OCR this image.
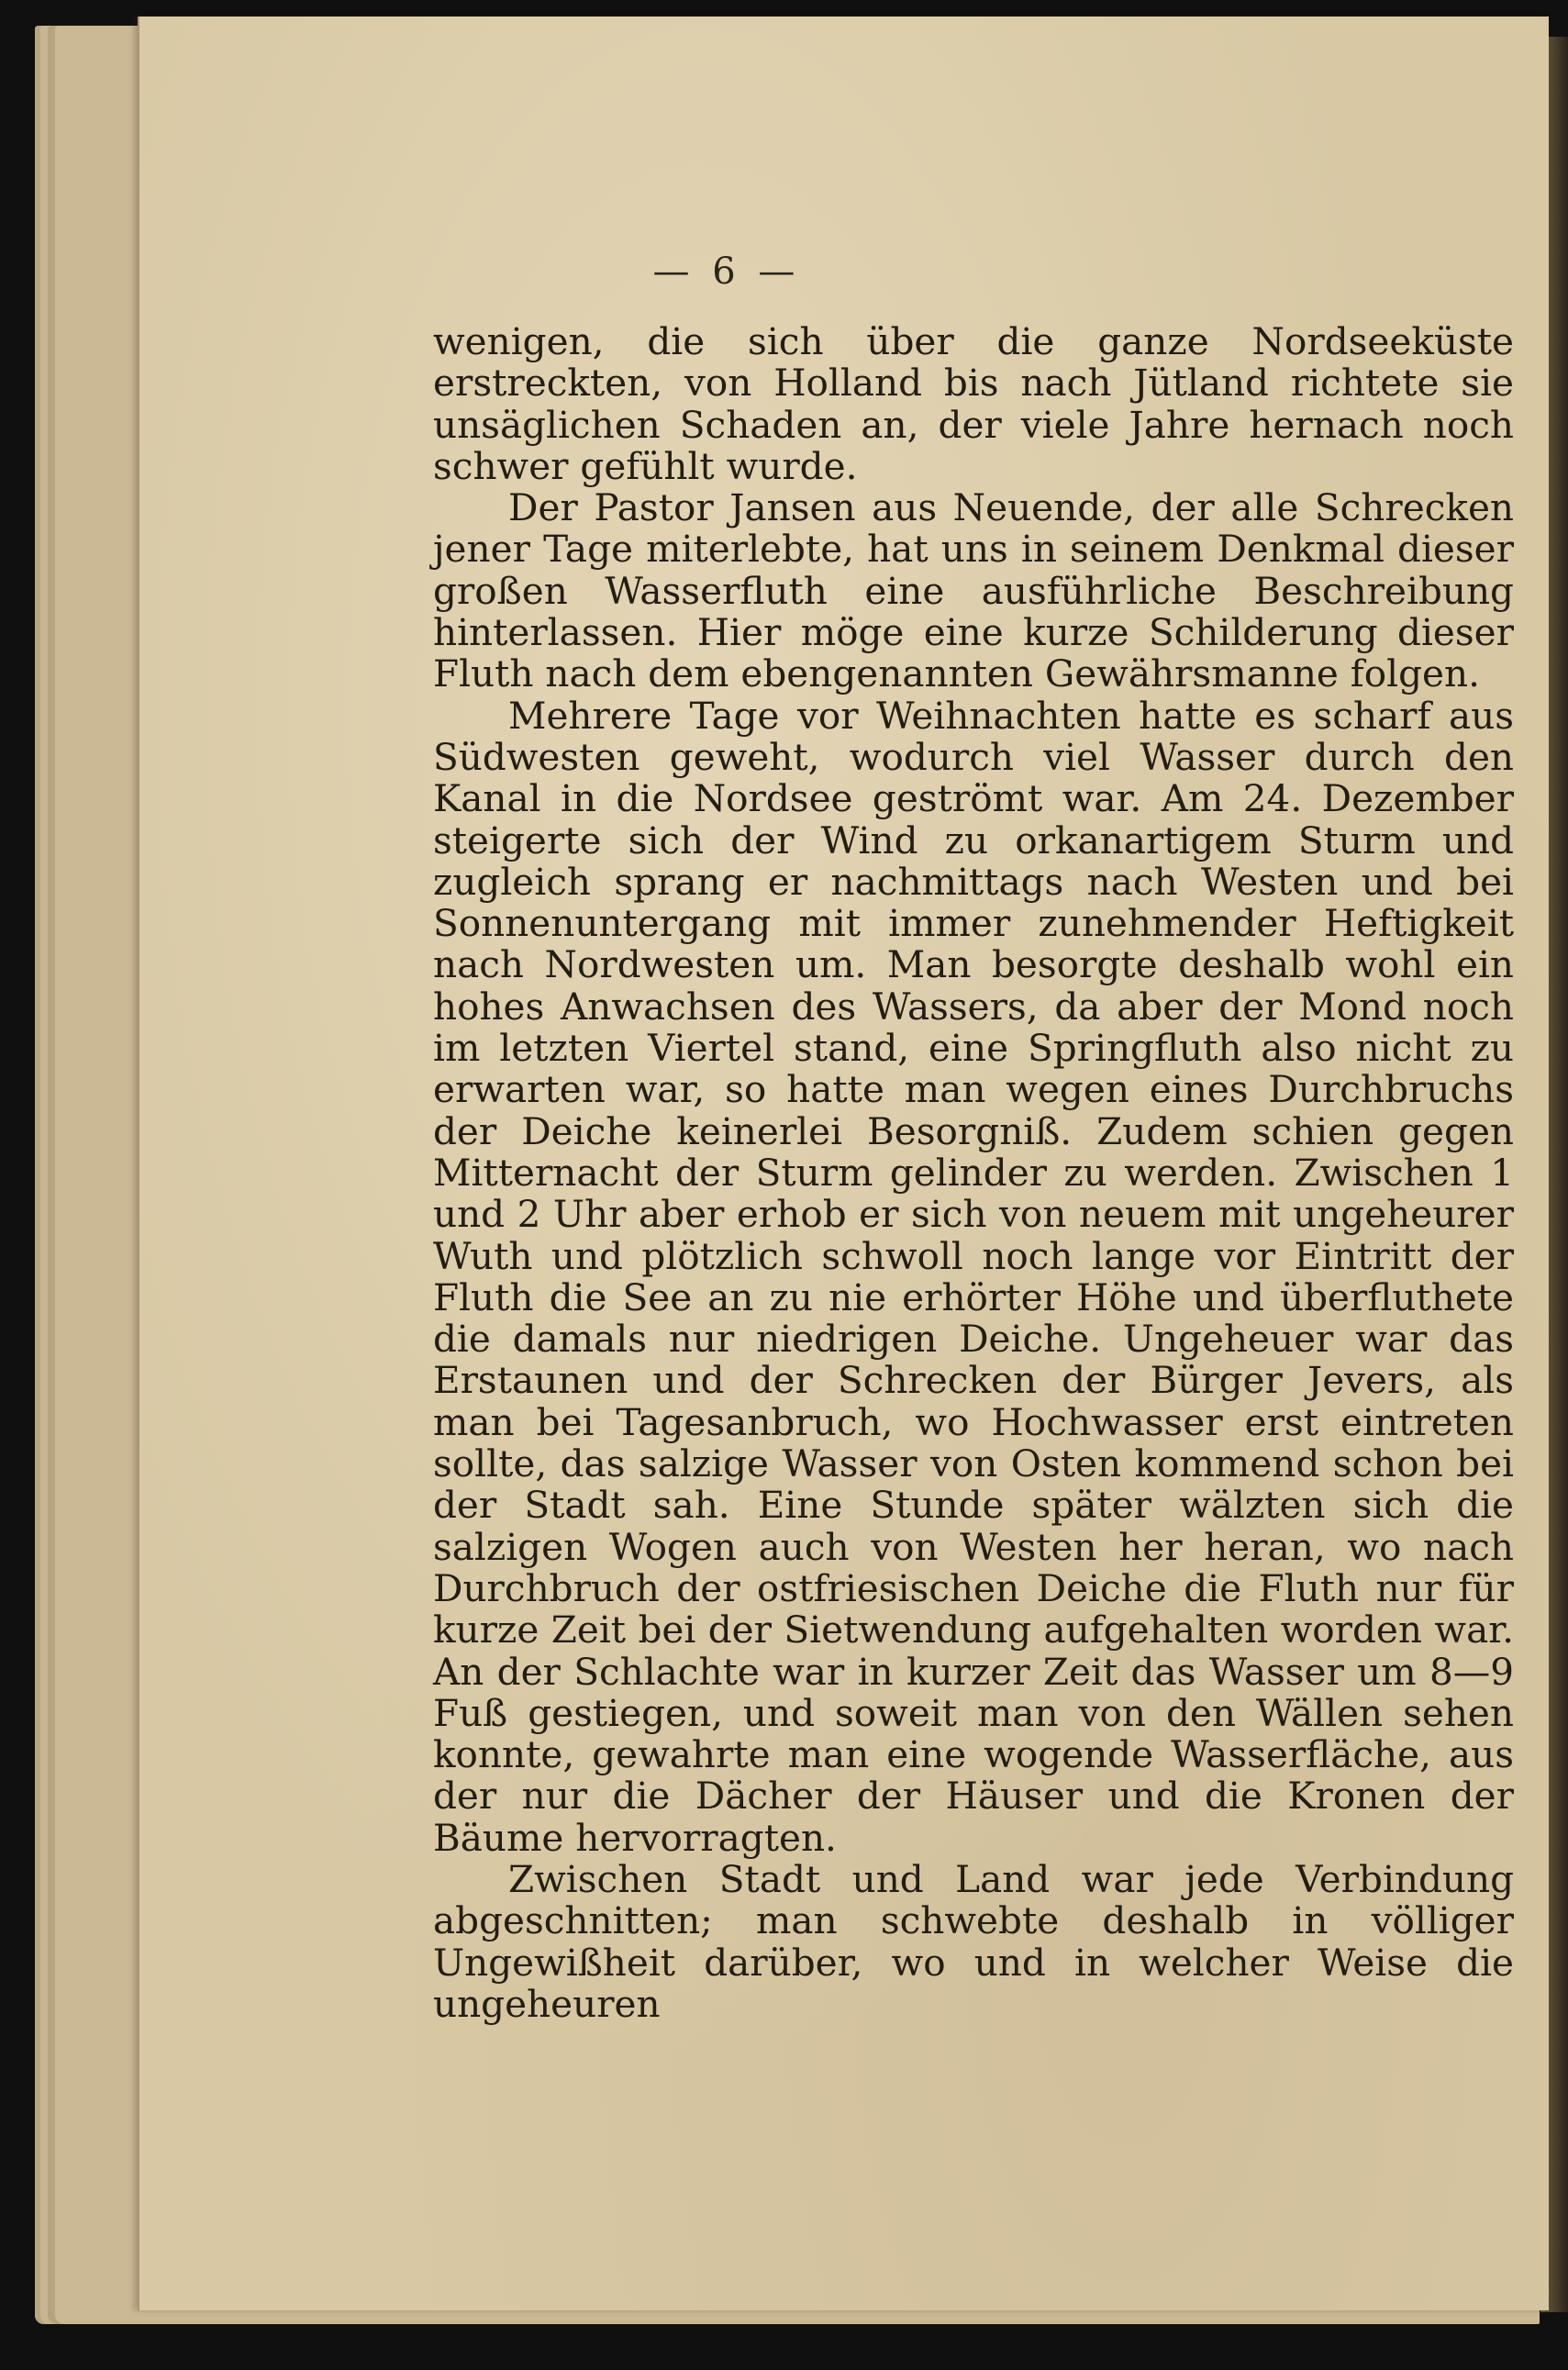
— 6 —

wenigen, die sich über die ganze Nordseeküste erstreckten, von Holland bis nach Jütland richtete sie unsäglichen Schaden an, der viele Jahre hernach noch schwer gefühlt wurde.

Der Pastor Jansen aus Neuende, der alle Schrecken jener Tage miterlebte, hat uns in seinem Denkmal dieser großen Wasserfluth eine ausführliche Beschreibung hinterlassen. Hier möge eine kurze Schilderung dieser Fluth nach dem ebengenannten Gewährsmanne folgen.

Mehrere Tage vor Weihnachten hatte es scharf aus Südwesten geweht, wodurch viel Wasser durch den Kanal in die Nordsee geströmt war. Am 24. Dezember steigerte sich der Wind zu orkanartigem Sturm und zugleich sprang er nachmittags nach Westen und bei Sonnenuntergang mit immer zunehmender Heftigkeit nach Nordwesten um. Man besorgte deshalb wohl ein hohes Anwachsen des Wassers, da aber der Mond noch im letzten Viertel stand, eine Springfluth also nicht zu erwarten war, so hatte man wegen eines Durchbruchs der Deiche keinerlei Besorgniß. Zudem schien gegen Mitternacht der Sturm gelinder zu werden. Zwischen 1 und 2 Uhr aber erhob er sich von neuem mit ungeheurer Wuth und plötzlich schwoll noch lange vor Eintritt der Fluth die See an zu nie erhörter Höhe und überfluthete die damals nur niedrigen Deiche. Ungeheuer war das Erstaunen und der Schrecken der Bürger Jevers, als man bei Tagesanbruch, wo Hochwasser erst eintreten sollte, das salzige Wasser von Osten kommend schon bei der Stadt sah. Eine Stunde später wälzten sich die salzigen Wogen auch von Westen her heran, wo nach Durchbruch der ostfriesischen Deiche die Fluth nur für kurze Zeit bei der Sietwendung aufgehalten worden war. An der Schlachte war in kurzer Zeit das Wasser um 8—9 Fuß gestiegen, und soweit man von den Wällen sehen konnte, gewahrte man eine wogende Wasserfläche, aus der nur die Dächer der Häuser und die Kronen der Bäume hervorragten.

Zwischen Stadt und Land war jede Verbindung abgeschnitten; man schwebte deshalb in völliger Ungewißheit darüber, wo und in welcher Weise die ungeheuren
